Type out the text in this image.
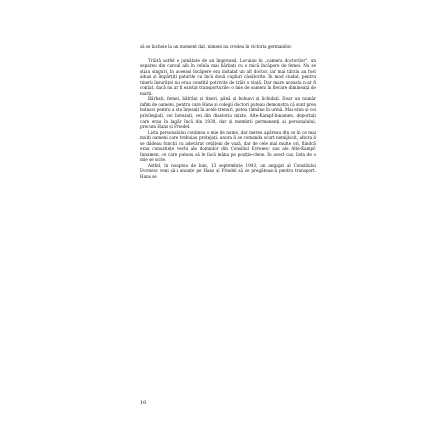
să se încheie la un moment dat, nimeni nu credea în victoria germanilor.

Trăiră astfel o jumătate de an împreună. Locuiau în „camera doctorilor", un separeu din caroul alb în celula mai bărbați cu o mică încăpere de femei. Nu se știau singuri, în aceeași încăpere era instalat un alt doctor, iar mai târziu au fost aduși și împărțiți paturile cu încă două cupluri căsătorite. În mod ciudat, pentru tinerii însurăței nu erau condiții potrivite de trăit o viață. Dar mare aceasta n-ar fi contat, dacă nu ar fi existat transporturile: o mie de oameni în fiecare dimineață de marți.

Bărbați, femei, bătrâni și tineri, până și bolnavi și lichidați. Doar un număr infim de oameni, pentru care Hans și colegii doctori puteau demonstra că sunt prea bolnavi pentru a sta înțesați în acele trenuri, putea rămâne în urmă. Mai erau și cei privilegiați, cei botezați, cei din diastoria mixte, Alte-Kampf-Innamen, deportați care erau în lagăr încă din 1938, dar și membrii permanenți ai personalului, precum Hans și Friedel.

Lista personalului conținea o mie de nume, dar mereu apăreau din ce în ce mai mulți oameni care trebuiau protejați: unora li se comanda scurt nemijlocit, altora li se dădeau funcții cu adevărat cetățeni de vază, dar de cele mai multe ori, fiindcă erau cunoștințe vechi ale domnilor din Consiliul Evreiesc sau ale Alte-Kampf-Innamen, ce care puteau să le facă mâna pe poziție-cheie. În acest caz, lista de o mie se scrie.

Astfel, în noaptea de luni, 13 septembrie 1943, un angajat al Consiliului Evreiesc veni să-i anunțe pe Hans și Friedel să se pregătească pentru transport. Hans se

10
